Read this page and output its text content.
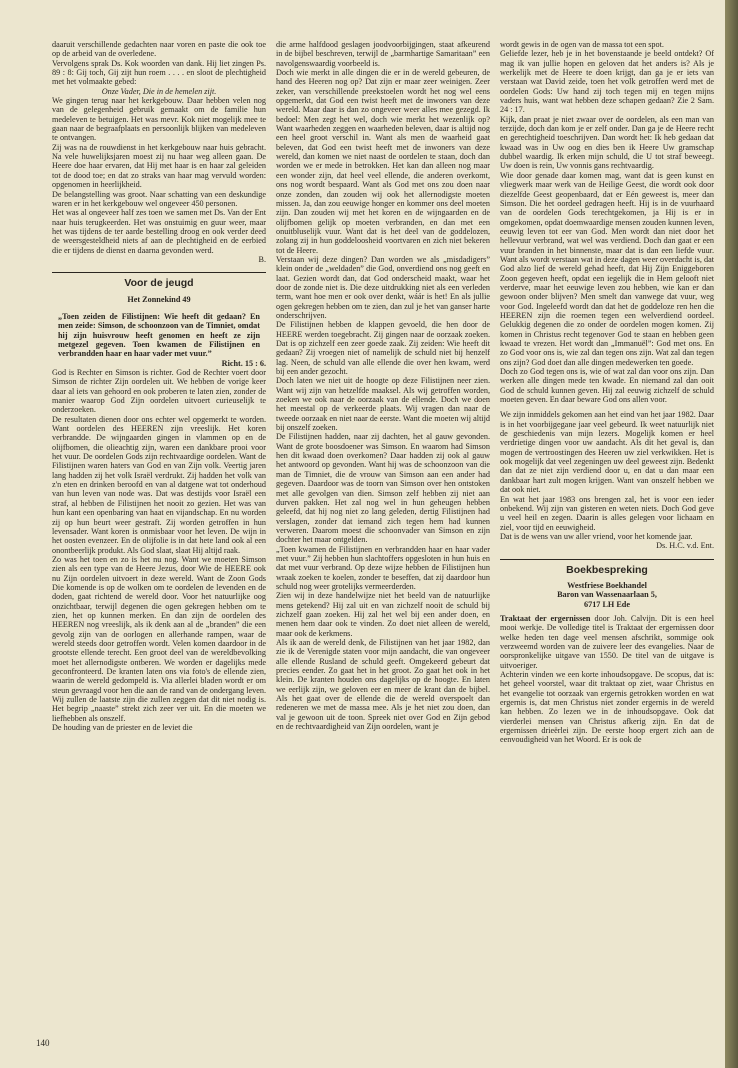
daaruit verschillende gedachten naar voren en paste die ook toe op de arbeid van de overledene.

Vervolgens sprak Ds. Kok woorden van dank. Hij liet zingen Ps. 89 : 8: Gij toch, Gij zijt hun roem . . . . en sloot de plechtigheid met het volmaakte gebed:

Onze Vader, Die in de hemelen zijt.

We gingen terug naar het kerkgebouw. Daar hebben velen nog van de gelegenheid gebruik gemaakt om de familie hun medeleven te betuigen. Het was mevr. Kok niet mogelijk mee te gaan naar de begraafplaats en persoonlijk blijken van medeleven te ontvangen.

Zij was na de rouwdienst in het kerkgebouw naar huis gebracht. Na vele huwelijksjaren moest zij nu haar weg alleen gaan. De Heere doe haar ervaren, dat Hij met haar is en haar zal geleiden tot de dood toe; en dat zo straks van haar mag vervuld worden: opgenomen in heerlijkheid.

De belangstelling was groot. Naar schatting van een deskundige waren er in het kerkgebouw wel ongeveer 450 personen.

Het was al ongeveer half zes toen we samen met Ds. Van der Ent naar huis terugkeerden. Het was onstuimig en guur weer, maar het was tijdens de ter aarde bestelling droog en ook verder deed de weersgesteldheid niets af aan de plechtigheid en de eerbied die er tijdens de dienst en daarna gevonden werd.

B.

Voor de jeugd
Het Zonnekind 49

„Toen zeiden de Filistijnen: Wie heeft dit gedaan? En men zeide: Simson, de schoonzoon van de Timniet, omdat hij zijn huisvrouw heeft genomen en heeft ze zijn metgezel gegeven. Toen kwamen de Filistijnen en verbrandden haar en haar vader met vuur.”

Richt. 15 : 6.

God is Rechter en Simson is richter. God de Rechter voert door Simson de richter Zijn oordelen uit. We hebben de vorige keer daar al iets van gehoord en ook proberen te laten zien, zonder de manier waarop God Zijn oordelen uitvoert curieuselijk te onderzoeken.

De resultaten dienen door ons echter wel opgemerkt te worden. Want oordelen des HEEREN zijn vreeslijk. Het koren verbrandde. De wijngaarden gingen in vlammen op en de olijfbomen, die olieachtig zijn, waren een dankbare prooi voor het vuur. De oordelen Gods zijn rechtvaardige oordelen. Want de Filistijnen waren haters van God en van Zijn volk. Veertig jaren lang hadden zij het volk Israël verdrukt. Zij hadden het volk van z'n eten en drinken beroofd en van al datgene wat tot onderhoud van hun leven van node was. Dat was destijds voor Israël een straf, al hebben de Filistijnen het nooit zo gezien. Het was van hun kant een openbaring van haat en vijandschap. En nu worden zij op hun beurt weer gestraft. Zij worden getroffen in hun levensader. Want koren is onmisbaar voor het leven. De wijn in het oosten evenzeer. En de olijfolie is in dat hete land ook al een onontbeerlijk produkt. Als God slaat, slaat Hij altijd raak.

Zo was het toen en zo is het nu nog. Want we moeten Simson zien als een type van de Heere Jezus, door Wie de HEERE ook nu Zijn oordelen uitvoert in deze wereld. Want de Zoon Gods Die komende is op de wolken om te oordelen de levenden en de doden, gaat richtend de wereld door. Voor het natuurlijke oog onzichtbaar, terwijl degenen die ogen gekregen hebben om te zien, het op kunnen merken. En dan zijn de oordelen des HEEREN nog vreeslijk, als ik denk aan al de „branden” die een gevolg zijn van de oorlogen en allerhande rampen, waar de wereld steeds door getroffen wordt. Velen komen daardoor in de grootste ellende terecht. Een groot deel van de wereldbevolking moet het allernodigste ontberen. We worden er dagelijks mede geconfronteerd. De kranten laten ons via foto's de ellende zien, waarin de wereld gedompeld is. Via allerlei bladen wordt er om steun gevraagd voor hen die aan de rand van de ondergang leven. Wij zullen de laatste zijn die zullen zeggen dat dit niet nodig is. Het begrip „naaste” strekt zich zeer ver uit. En die moeten we liefhebben als onszelf.

De houding van de priester en de leviet die

die arme halfdood geslagen joodvoorbijgingen, staat afkeurend in de bijbel beschreven, terwijl de „barmhartige Samaritaan” een navolgenswaardig voorbeeld is.

Doch wie merkt in alle dingen die er in de wereld gebeuren, de hand des Heeren nog op? Dat zijn er maar zeer weinigen. Zeer zeker, van verschillende preekstoelen wordt het nog wel eens opgemerkt, dat God een twist heeft met de inwoners van deze wereld. Maar daar is dan zo ongeveer weer alles mee gezegd. Ik bedoel: Men zegt het wel, doch wie merkt het wezenlijk op? Want waarheden zeggen en waarheden beleven, daar is altijd nog een heel groot verschil in. Want als men de waarheid gaat beleven, dat God een twist heeft met de inwoners van deze wereld, dan komen we niet naast de oordelen te staan, doch dan worden we er mede in betrokken. Het kan dan alleen nog maar een wonder zijn, dat heel veel ellende, die anderen overkomt, ons nog wordt bespaard. Want als God met ons zou doen naar onze zonden, dan zouden wij ook het allernodigste moeten missen. Ja, dan zou eeuwige honger en kommer ons deel moeten zijn. Dan zouden wij met het koren en de wijngaarden en de olijfbomen gelijk op moeten verbranden, en dan met een onuitbluselijk vuur. Want dat is het deel van de goddelozen, zolang zij in hun goddeloosheid voortvaren en zich niet bekeren tot de Heere.

Verstaan wij deze dingen? Dan worden we als „misdadigers” klein onder de „weldaden” die God, onverdiend ons nog geeft en laat. Gezien wordt dan, dat God onderscheid maakt, waar het door de zonde niet is. Die deze uitdrukking niet als een verleden term, want hoe men er ook over denkt, wáár is het! En als jullie ogen gekregen hebben om te zien, dan zul je het van ganser harte onderschrijven.

De Filistijnen hebben de klappen gevoeld, die hen door de HEERE werden toegebracht. Zij gingen naar de oorzaak zoeken. Dat is op zichzelf een zeer goede zaak. Zij zeiden: Wie heeft dit gedaan? Zij vroegen niet of namelijk de schuld niet bij henzelf lag. Neen, de schuld van alle ellende die over hen kwam, werd bij een ander gezocht.

Doch laten we niet uit de hoogte op deze Filistijnen neer zien. Want wij zijn van hetzelfde maaksel. Als wij getroffen worden, zoeken we ook naar de oorzaak van de ellende. Doch we doen het meestal op de verkeerde plaats. Wij vragen dan naar de tweede oorzaak en niet naar de eerste. Want die moeten wij altijd bij onszelf zoeken.

De Filistijnen hadden, naar zij dachten, het al gauw gevonden. Want de grote boosdoener was Simson. En waarom had Simson hen dit kwaad doen overkomen? Daar hadden zij ook al gauw het antwoord op gevonden. Want hij was de schoonzoon van die man de Timniet, die de vrouw van Simson aan een ander had gegeven. Daardoor was de toorn van Simson over hen ontstoken met alle gevolgen van dien. Simson zelf hebben zij niet aan durven pakken. Het zal nog wel in hun geheugen hebben geleefd, dat hij nog niet zo lang geleden, dertig Filistijnen had verslagen, zonder dat iemand zich tegen hem had kunnen verweren. Daarom moest die schoonvader van Simson en zijn dochter het maar ontgelden.

„Toen kwamen de Filistijnen en verbrandden haar en haar vader met vuur.” Zij hebben hun slachtoffers opgesloten in hun huis en dat met vuur verbrand. Op deze wijze hebben de Filistijnen hun wraak zoeken te koelen, zonder te beseffen, dat zij daardoor hun schuld nog weer grotelijks vermeerderden.

Zien wij in deze handelwijze niet het beeld van de natuurlijke mens getekend? Hij zal uit en van zichzelf nooit de schuld bij zichzelf gaan zoeken. Hij zal het wel bij een ander doen, en menen hem daar ook te vinden. Zo doet niet alleen de wereld, maar ook de kerkmens.

Als ik aan de wereld denk, de Filistijnen van het jaar 1982, dan zie ik de Verenigde staten voor mijn aandacht, die van ongeveer alle ellende Rusland de schuld geeft. Omgekeerd gebeurt dat precies eender. Zo gaat het in het groot. Zo gaat het ook in het klein. De kranten houden ons dagelijks op de hoogte. En laten we eerlijk zijn, we geloven eer en meer de krant dan de bijbel. Als het gaat over de ellende die de wereld overspoelt dan redeneren we met de massa mee. Als je het niet zou doen, dan val je gewoon uit de toon. Spreek niet over God en Zijn gebod en de rechtvaardigheid van Zijn oordelen, want je

wordt gewis in de ogen van de massa tot een spot.

Geliefde lezer, heb je in het bovenstaande je beeld ontdekt? Of mag ik van jullie hopen en geloven dat het anders is? Als je werkelijk met de Heere te doen krijgt, dan ga je er iets van verstaan wat David zeide, toen het volk getroffen werd met de oordelen Gods: Uw hand zij toch tegen mij en tegen mijns vaders huis, want wat hebben deze schapen gedaan? Zie 2 Sam. 24 : 17.

Kijk, dan praat je niet zwaar over de oordelen, als een man van terzijde, doch dan kom je er zelf onder. Dan ga je de Heere recht en gerechtigheid toeschrijven. Dan wordt het: Ik heb gedaan dat kwaad was in Uw oog en dies ben ik Heere Uw gramschap dubbel waardig. Ik erken mijn schuld, die U tot straf beweegt. Uw doen is rein, Uw vonnis gans rechtvaardig.

Wie door genade daar komen mag, want dat is geen kunst en vliegwerk maar werk van de Heilige Geest, die wordt ook door diezelfde Geest geopenbaard, dat er Eén geweest is, meer dan Simson. Die het oordeel gedragen heeft. Hij is in de vuurhaard van de oordelen Gods terechtgekomen, ja Hij is er in omgekomen, opdat doemwaardige mensen zouden kunnen leven, eeuwig leven tot eer van God. Men wordt dan niet door het hellevuur verbrand, wat wel was verdiend. Doch dan gaat er een vuur branden in het binnenste, maar dat is dan een liefde vuur. Want als wordt verstaan wat in deze dagen weer overdacht is, dat God alzo lief de wereld gehad heeft, dat Hij Zijn Eniggeboren Zoon gegeven heeft, opdat een iegelijk die in Hem gelooft niet verderve, maar het eeuwige leven zou hebben, wie kan er dan gewoon onder blijven? Men smelt dan vanwege dat vuur, weg voor God. Ingeleefd wordt dan dat het de goddeloze ren hen die HEEREN zijn die roemen tegen een welverdiend oordeel. Gelukkig degenen die zo onder de oordelen mogen komen. Zij komen in Christus recht tegenover God te staan en hebben geen kwaad te vrezen. Het wordt dan „Immanuël”: God met ons. En zo God voor ons is, wie zal dan tegen ons zijn. Wat zal dan tegen ons zijn? God doet dan alle dingen medewerken ten goede.

Doch zo God tegen ons is, wie of wat zal dan voor ons zijn. Dan werken alle dingen mede ten kwade. En niemand zal dan ooit God de schuld kunnen geven. Hij zal eeuwig zichzelf de schuld moeten geven. En daar beware God ons allen voor.

We zijn inmiddels gekomen aan het eind van het jaar 1982. Daar is in het voorbijgegane jaar veel gebeurd. Ik weet natuurlijk niet de geschiedenis van mijn lezers. Mogelijk komen er heel verdrietige dingen voor uw aandacht. Als dit het geval is, dan mogen de vertroostingen des Heeren uw ziel verkwikken. Het is ook mogelijk dat veel zegeningen uw deel geweest zijn. Bedenkt dan dat ze niet zijn verdiend door u, en dat u dan maar een dankbaar hart zult mogen krijgen. Want van onszelf hebben we dat ook niet.

En wat het jaar 1983 ons brengen zal, het is voor een ieder onbekend. Wij zijn van gisteren en weten niets. Doch God geve u veel heil en zegen. Daarin is alles gelegen voor lichaam en ziel, voor tijd en eeuwigheid.

Dat is de wens van uw aller vriend, voor het komende jaar.

Ds. H.C. v.d. Ent.

Boekbespreking

Westfriese Boekhandel

Baron van Wassenaarlaan 5,

6717 LH Ede

Traktaat der ergernissen door Joh. Calvijn. Dit is een heel mooi werkje. De volledige titel is Traktaat der ergernissen door welke heden ten dage veel mensen afschrikt, sommige ook verzweemd worden van de zuivere leer des evangelies. Naar de oorspronkelijke uitgave van 1550. De titel van de uitgave is uitvoeriger.

Achterin vinden we een korte inhoudsopgave. De scopus, dat is: het geheel voorstel, waar dit traktaat op ziet, waar Christus en het evangelie tot oorzaak van ergernis getrokken worden en wat ergernis is, dat men Christus niet zonder ergernis in de wereld kan hebben. Zo lezen we in de inhoudsopgave. Ook dat vierderlei mensen van Christus afkerig zijn. En dat de ergernissen drieërlei zijn. De eerste hoop ergert zich aan de eenvoudigheid van het Woord. Er is ook de

140
